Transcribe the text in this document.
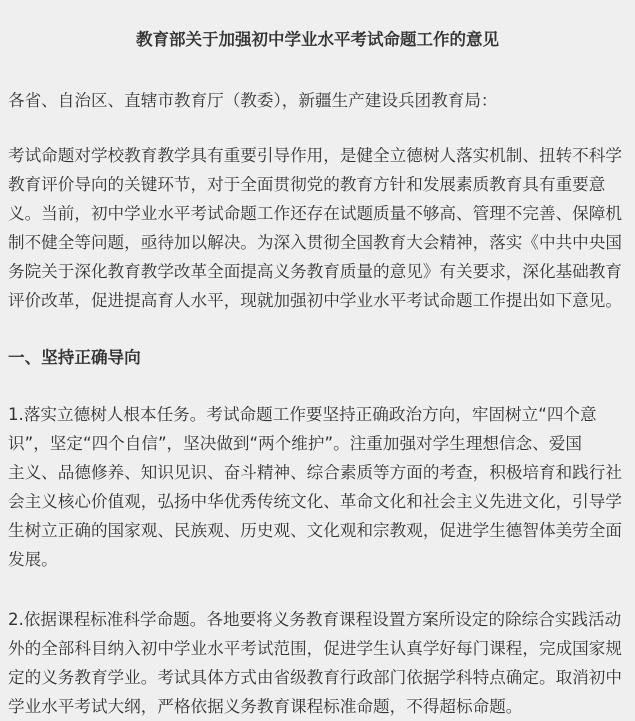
教育部关于加强初中学业水平考试命题工作的意见
各省、自治区、直辖市教育厅（教委），新疆生产建设兵团教育局：
考试命题对学校教育教学具有重要引导作用，是健全立德树人落实机制、扭转不科学
教育评价导向的关键环节，对于全面贯彻党的教育方针和发展素质教育具有重要意
义。当前，初中学业水平考试命题工作还存在试题质量不够高、管理不完善、保障机
制不健全等问题，亟待加以解决。为深入贯彻全国教育大会精神，落实《中共中央国
务院关于深化教育教学改革全面提高义务教育质量的意见》有关要求，深化基础教育
评价改革，促进提高育人水平，现就加强初中学业水平考试命题工作提出如下意见。
一、坚持正确导向
1.落实立德树人根本任务。考试命题工作要坚持正确政治方向，牢固树立“四个意
识”，坚定“四个自信”，坚决做到“两个维护”。注重加强对学生理想信念、爱国
主义、品德修养、知识见识、奋斗精神、综合素质等方面的考查，积极培育和践行社
会主义核心价值观，弘扬中华优秀传统文化、革命文化和社会主义先进文化，引导学
生树立正确的国家观、民族观、历史观、文化观和宗教观，促进学生德智体美劳全面
发展。
2.依据课程标准科学命题。各地要将义务教育课程设置方案所设定的除综合实践活动
外的全部科目纳入初中学业水平考试范围，促进学生认真学好每门课程，完成国家规
定的义务教育学业。考试具体方式由省级教育行政部门依据学科特点确定。取消初中
学业水平考试大纲，严格依据义务教育课程标准命题，不得超标命题。
